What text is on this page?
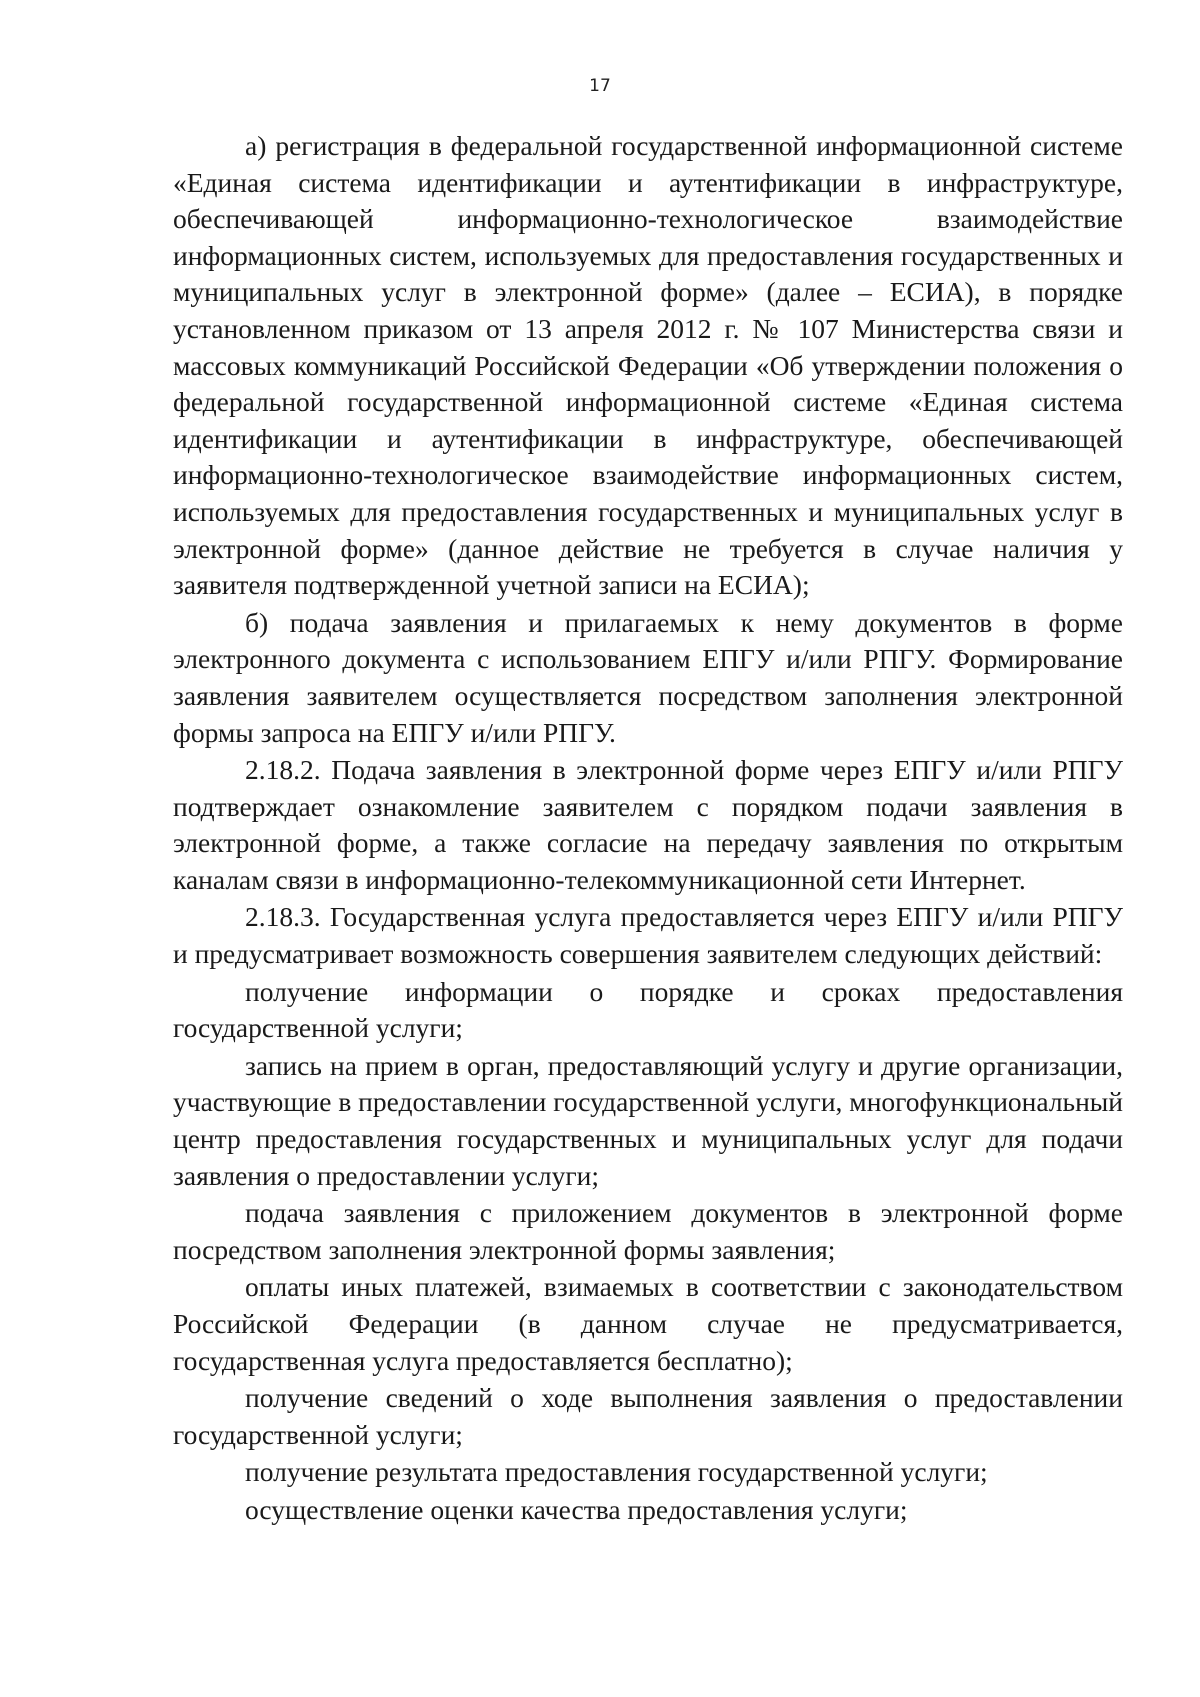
17

а) регистрация в федеральной государственной информационной системе «Единая система идентификации и аутентификации в инфраструктуре, обеспечивающей информационно-технологическое взаимодействие информационных систем, используемых для предоставления государственных и муниципальных услуг в электронной форме» (далее – ЕСИА), в порядке установленном приказом от 13 апреля 2012 г. № 107 Министерства связи и массовых коммуникаций Российской Федерации «Об утверждении положения о федеральной государственной информационной системе «Единая система идентификации и аутентификации в инфраструктуре, обеспечивающей информационно-технологическое взаимодействие информационных систем, используемых для предоставления государственных и муниципальных услуг в электронной форме» (данное действие не требуется в случае наличия у заявителя подтвержденной учетной записи на ЕСИА);

б) подача заявления и прилагаемых к нему документов в форме электронного документа с использованием ЕПГУ и/или РПГУ. Формирование заявления заявителем осуществляется посредством заполнения электронной формы запроса на ЕПГУ и/или РПГУ.

2.18.2. Подача заявления в электронной форме через ЕПГУ и/или РПГУ подтверждает ознакомление заявителем с порядком подачи заявления в электронной форме, а также согласие на передачу заявления по открытым каналам связи в информационно-телекоммуникационной сети Интернет.

2.18.3. Государственная услуга предоставляется через ЕПГУ и/или РПГУ и предусматривает возможность совершения заявителем следующих действий:

получение информации о порядке и сроках предоставления государственной услуги;

запись на прием в орган, предоставляющий услугу и другие организации, участвующие в предоставлении государственной услуги, многофункциональный центр предоставления государственных и муниципальных услуг для подачи заявления о предоставлении услуги;

подача заявления с приложением документов в электронной форме посредством заполнения электронной формы заявления;

оплаты иных платежей, взимаемых в соответствии с законодательством Российской Федерации (в данном случае не предусматривается, государственная услуга предоставляется бесплатно);

получение сведений о ходе выполнения заявления о предоставлении государственной услуги;

получение результата предоставления государственной услуги;

осуществление оценки качества предоставления услуги;
